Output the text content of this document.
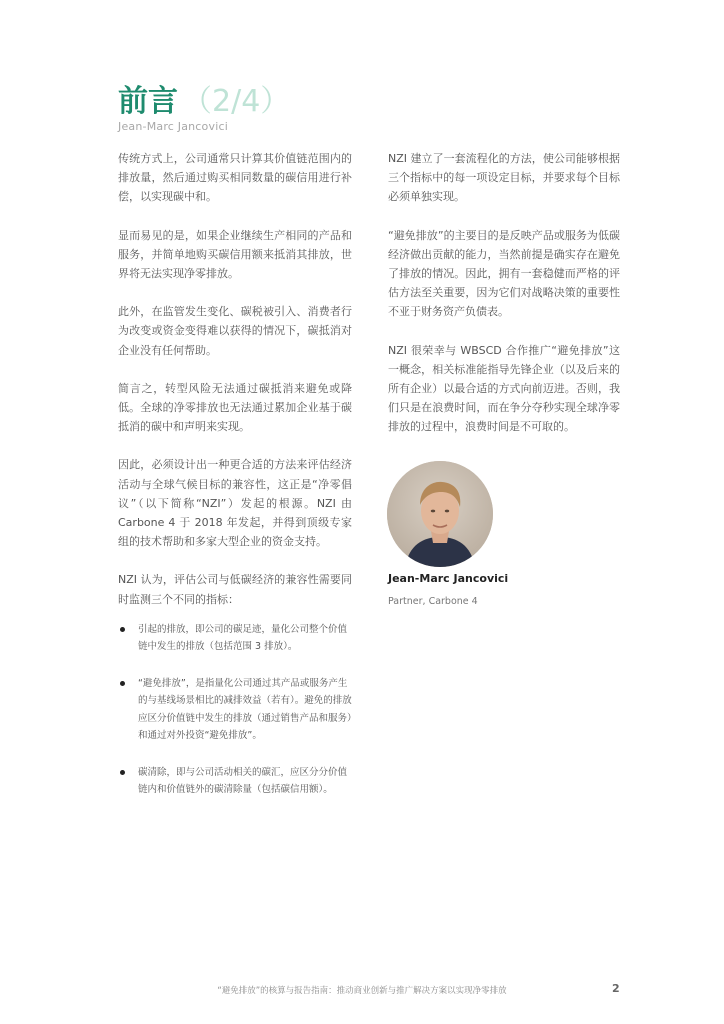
前言 （2/4）
Jean-Marc Jancovici

传统方式上，公司通常只计算其价值链范围内的排放量，然后通过购买相同数量的碳信用进行补偿，以实现碳中和。

显而易见的是，如果企业继续生产相同的产品和服务，并简单地购买碳信用额来抵消其排放，世界将无法实现净零排放。

此外，在监管发生变化、碳税被引入、消费者行为改变或资金变得难以获得的情况下，碳抵消对企业没有任何帮助。

简言之，转型风险无法通过碳抵消来避免或降低。全球的净零排放也无法通过累加企业基于碳抵消的碳中和声明来实现。

因此，必须设计出一种更合适的方法来评估经济活动与全球气候目标的兼容性，这正是“净零倡议”（以下简称“NZI”）发起的根源。NZI 由 Carbone 4 于 2018 年发起，并得到顶级专家组的技术帮助和多家大型企业的资金支持。

NZI 认为，评估公司与低碳经济的兼容性需要同时监测三个不同的指标：

引起的排放，即公司的碳足迹，量化公司整个价值链中发生的排放（包括范围 3 排放）。
“避免排放”，是指量化公司通过其产品或服务产生的与基线场景相比的减排效益（若有）。避免的排放应区分价值链中发生的排放（通过销售产品和服务）和通过对外投资“避免排放”。
碳清除，即与公司活动相关的碳汇，应区分分价值链内和价值链外的碳清除量（包括碳信用额）。

NZI 建立了一套流程化的方法，使公司能够根据三个指标中的每一项设定目标，并要求每个目标必须单独实现。

“避免排放”的主要目的是反映产品或服务为低碳经济做出贡献的能力，当然前提是确实存在避免了排放的情况。因此，拥有一套稳健而严格的评估方法至关重要，因为它们对战略决策的重要性不亚于财务资产负债表。

NZI 很荣幸与 WBSCD 合作推广“避免排放”这一概念，相关标准能指导先锋企业（以及后来的所有企业）以最合适的方式向前迈进。否则，我们只是在浪费时间，而在争分夺秒实现全球净零排放的过程中，浪费时间是不可取的。

Jean-Marc Jancovici
Partner, Carbone 4
“避免排放”的核算与报告指南：推动商业创新与推广解决方案以实现净零排放	2
